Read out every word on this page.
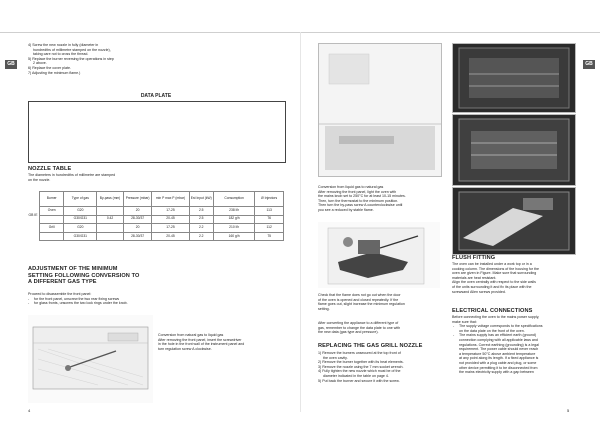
GB	GB

4) Screw the new nozzle in fully (diameter in

hundredths of millimetre stamped on the nozzle),

taking care not to cross the thread.

5) Replace the burner reversing the operations in step

2 above.

6) Replace the cover plate.

7) Adjusting the minimum flame.)

DATA PLATE
NOZZLE TABLE

The diameters in hundredths of millimetre are stamped

on the nozzle.

GB IE
Burner	Type of gas	By-pass (mm)	Pressure (mbar)	min P max P (mbar)	Est Input (kW)	Consumption	Ø Injectors
Oven	G20		20	17-25	2.5	238 l/h	113
	G30/G31	0.42	28-30/37	20-45	2.5	182 g/h	76
Grill	G20		20	17-25	2.2	210 l/h	112
	G30/G31		28-30/37	20-45	2.2	160 g/h	75
ADJUSTMENT OF THE MINIMUM
SETTING FOLLOWING CONVERSION TO
A DIFFERENT GAS TYPE

Proceed to disassemble the front panel:

- for the front panel, unscrew the two rear fixing screws
- for glass fronts, unscrew the two lock rings under the knob.

Conversion from natural gas to liquid gas

After removing the front panel, insert the screwdriver

in the hole in the front wall of the instrument panel and

turn regulation screw A clockwise.

4

Conversion from liquid gas to natural gas

After removing the front panel, light the oven with

the mains knob set to 250°C for at least 10-15 minutes.

Then, turn the thermostat to the minimum position.

Then turn the by-pass screw A counterclockwise until

you see a reduced by stable flame.

Check that the flame does not go out when the door

of the oven is opened and closed repeatedly. If the

flame goes out, slight increase the minimum regulation

setting.

After converting the appliance to a different type of

gas, remember to change the data plate to one with

the new data (gas type and pressure).

REPLACING THE GAS GRILL NOZZLE

1) Remove the burners unsecured at the top front of

the oven cavity.

2) Remove the burner together with its heat elements.

3) Remove the nozzle using the 7 mm socket wrench.

4) Fully tighten the new nozzle which must be of the

diameter indicated in the table on page 4.

5) Put back the burner and secure it with the screw.

FLUSH FITTING

The oven can be installed under a work top or in a

cooking column. The dimensions of the housing for the

oven are given in Figure. Make sure that surrounding

materials are heat resistant.

Align the oven centrally with respect to the side walls

of the units surrounding it and fix its place with the

screwsand Allen screws provided.

ELECTRICAL CONNECTIONS

Before connecting the oven to the mains power supply,

make sure that:

- The supply voltage corresponds to the specifications

on the data plate on the front of the oven.

- The mains supply has an efficient earth (ground)

connection complying with all applicable laws and

regulations. Correct earthing (grounding) is a legal

requirement. The power cable should never reach

a temperature 50°C above ambient temperature

at any point along its length. If a fixed appliance is

not provided with a plug cable and plug, or some

other device permitting it to be disconnected from

the mains electricity supply with a gap between

5
